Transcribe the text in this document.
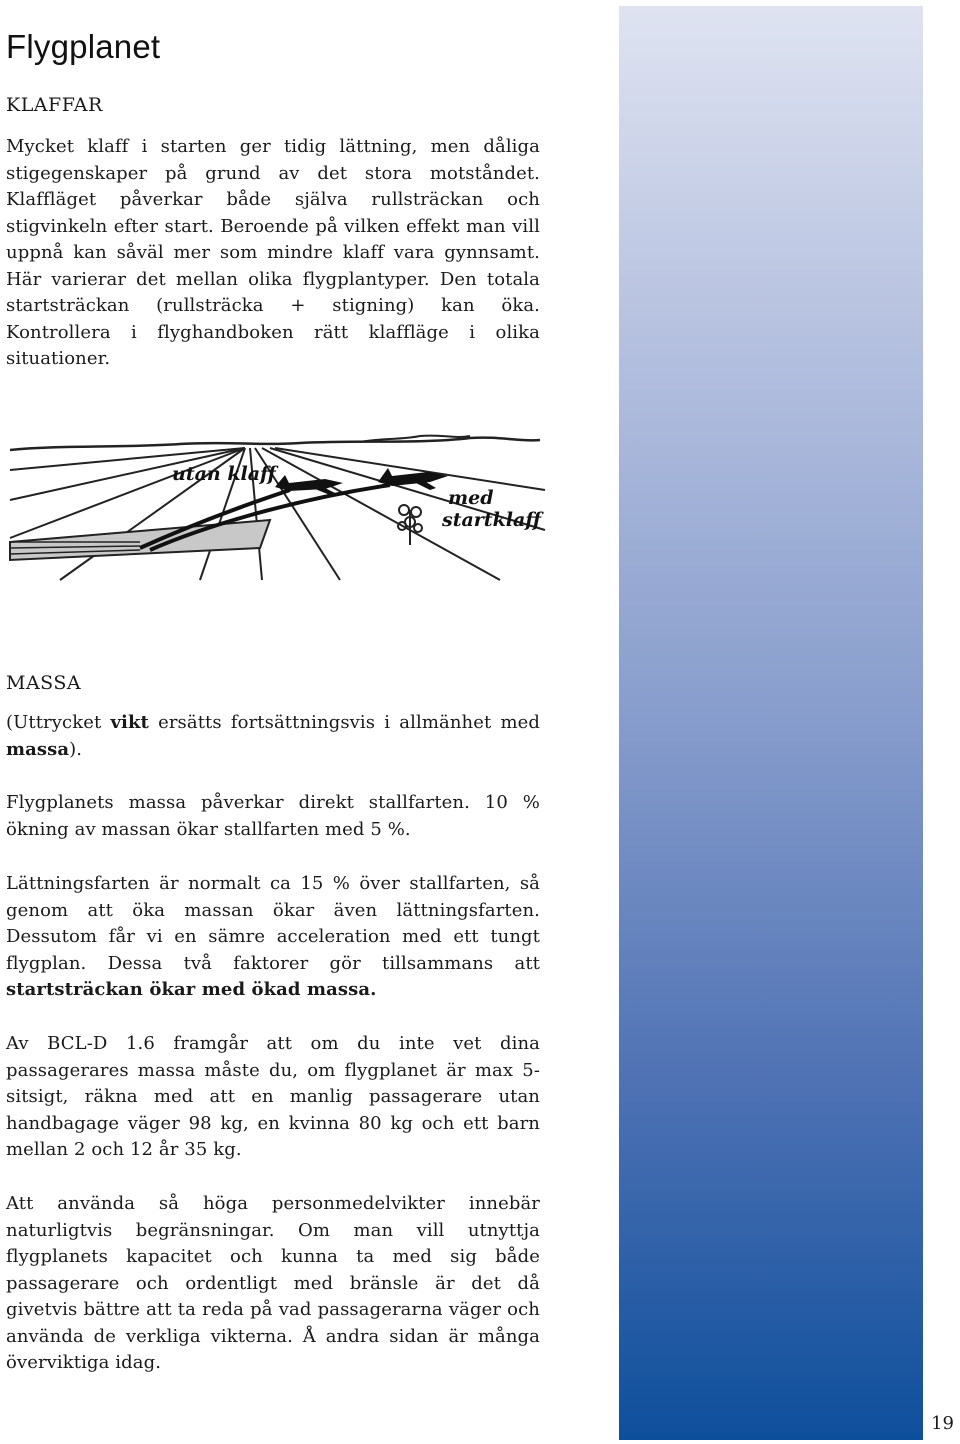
Flygplanet
KLAFFAR

Mycket klaff i starten ger tidig lättning, men dåliga stigegenskaper på grund av det stora motståndet. Klaffläget påverkar både själva rullsträckan och stigvinkeln efter start. Beroende på vilken effekt man vill uppnå kan såväl mer som mindre klaff vara gynnsamt. Här varierar det mellan olika flygplantyper. Den totala startsträckan (rullsträcka + stigning) kan öka. Kontrollera i flyghandboken rätt klaffläge i olika situationer.

utan klaff
med
startklaff
MASSA

(Uttrycket vikt ersätts fortsättningsvis i allmänhet med massa).

Flygplanets massa påverkar direkt stallfarten. 10 % ökning av massan ökar stallfarten med 5 %.

Lättningsfarten är normalt ca 15 % över stallfarten, så genom att öka massan ökar även lättningsfarten. Dessutom får vi en sämre acceleration med ett tungt flygplan. Dessa två faktorer gör tillsammans att startsträckan ökar med ökad massa.

Av BCL-D 1.6 framgår att om du inte vet dina passagerares massa måste du, om flygplanet är max 5-sitsigt, räkna med att en manlig passagerare utan handbagage väger 98 kg, en kvinna 80 kg och ett barn mellan 2 och 12 år 35 kg.

Att använda så höga personmedelvikter innebär naturligtvis begränsningar. Om man vill utnyttja flygplanets kapacitet och kunna ta med sig både passagerare och ordentligt med bränsle är det då givetvis bättre att ta reda på vad passagerarna väger och använda de verkliga vikterna. Å andra sidan är många överviktiga idag.

19
